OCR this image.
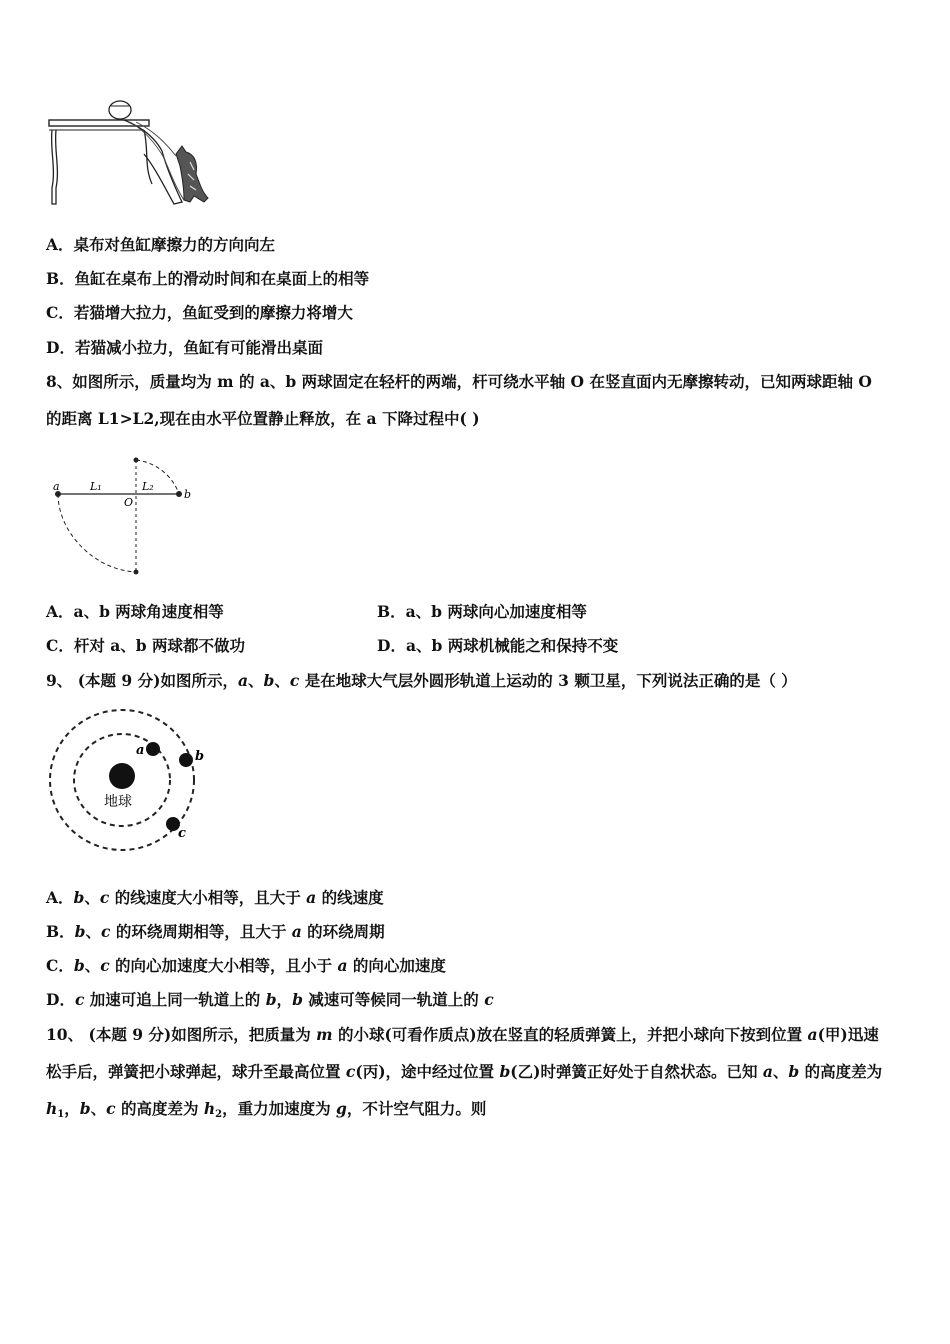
A．桌布对鱼缸摩擦力的方向向左
B．鱼缸在桌布上的滑动时间和在桌面上的相等
C．若猫增大拉力，鱼缸受到的摩擦力将增大
D．若猫减小拉力，鱼缸有可能滑出桌面
8、如图所示，质量均为 m 的 a、b 两球固定在轻杆的两端，杆可绕水平轴 O 在竖直面内无摩擦转动，已知两球距轴 O
的距离 L1>L2,现在由水平位置静止释放，在 a 下降过程中( )
a	L₁	L₂
O
b
A．a、b 两球角速度相等	B．a、b 两球向心加速度相等
C．杆对 a、b 两球都不做功	D．a、b 两球机械能之和保持不变
9、 (本题 9 分)如图所示，a、b、c 是在地球大气层外圆形轨道上运动的 3 颗卫星，下列说法正确的是（ ）
地球
a	b
c
A．b、c 的线速度大小相等，且大于 a 的线速度
B．b、c 的环绕周期相等，且大于 a 的环绕周期
C．b、c 的向心加速度大小相等，且小于 a 的向心加速度
D．c 加速可追上同一轨道上的 b，b 减速可等候同一轨道上的 c
10、 (本题 9 分)如图所示，把质量为 m 的小球(可看作质点)放在竖直的轻质弹簧上，并把小球向下按到位置 a(甲)迅速
松手后，弹簧把小球弹起，球升至最高位置 c(丙)，途中经过位置 b(乙)时弹簧正好处于自然状态。已知 a、b 的高度差为
$h_1$，b、c 的高度差为 $h_2$，重力加速度为 g，不计空气阻力。则
